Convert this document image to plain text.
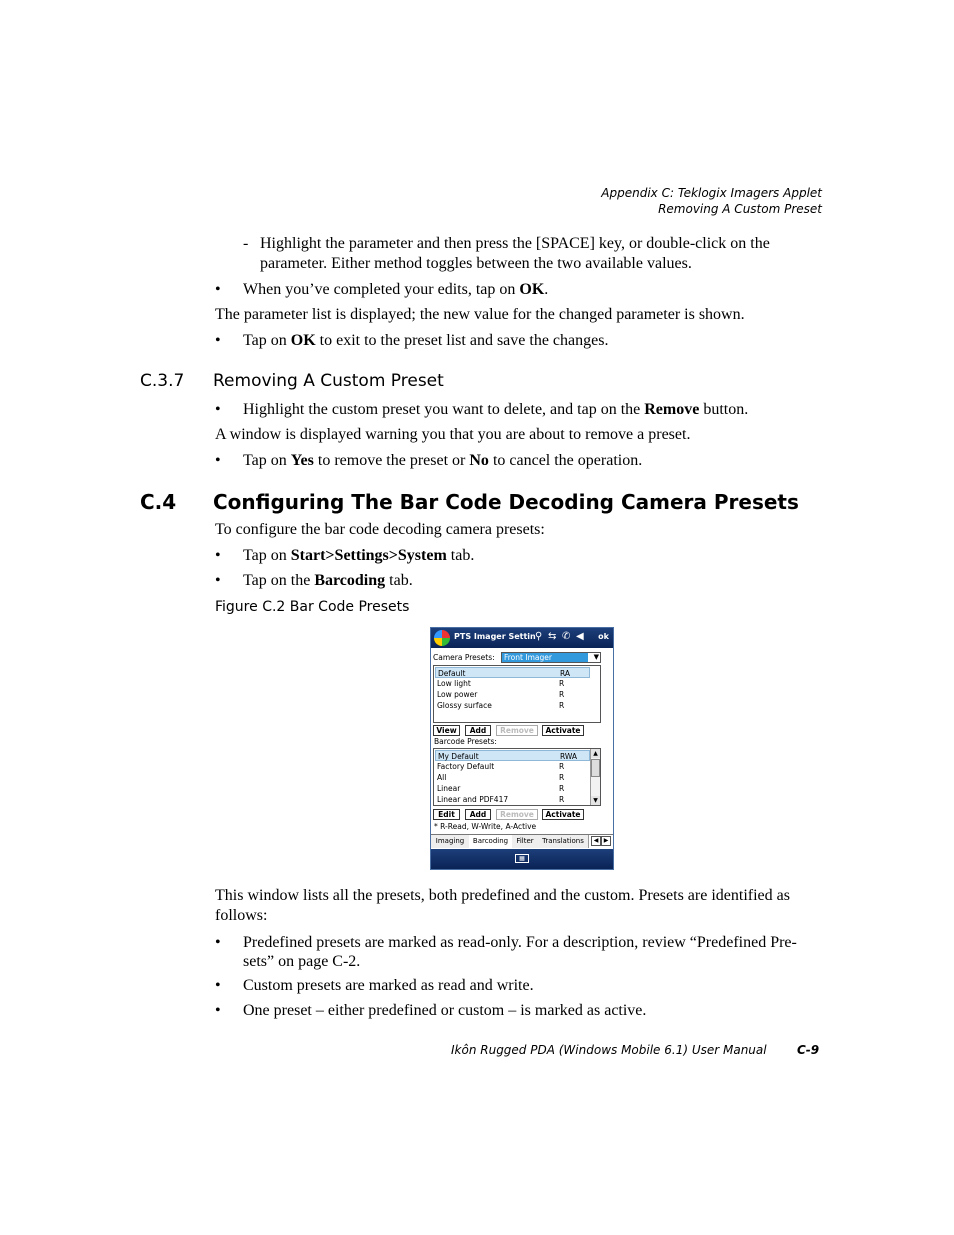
Appendix C: Teklogix Imagers Applet
Removing A Custom Preset
- Highlight the parameter and then press the [SPACE] key, or double-click on the
parameter. Either method toggles between the two available values.
• When you’ve completed your edits, tap on OK.
The parameter list is displayed; the new value for the changed parameter is shown.
• Tap on OK to exit to the preset list and save the changes.
C.3.7 Removing A Custom Preset
• Highlight the custom preset you want to delete, and tap on the Remove button.
A window is displayed warning you that you are about to remove a preset.
• Tap on Yes to remove the preset or No to cancel the operation.
C.4 Configuring The Bar Code Decoding Camera Presets
To configure the bar code decoding camera presets:
• Tap on Start>Settings>System tab.
• Tap on the Barcoding tab.
Figure C.2 Bar Code Presets
PTS Imager Settin ⚲ ⇆ ✆ ◀ ok
Camera Presets: Front Imager	▼
Default	RA
Low light	R
Low power	R
Glossy surface	R
View	Add	Remove	Activate
Barcode Presets:
My Default	RWA
Factory Default	R
All	R
Linear	R
Linear and PDF417	R
▲
▼
Edit	Add	Remove	Activate
* R-Read, W-Write, A-Active
Imaging	Barcoding	Filter	Translations	◀ ▶
▦
This window lists all the presets, both predefined and the custom. Presets are identified as
follows:
• Predefined presets are marked as read-only. For a description, review “Predefined Pre-
sets” on page C-2.
• Custom presets are marked as read and write.
• One preset – either predefined or custom – is marked as active.
Ikôn Rugged PDA (Windows Mobile 6.1) User Manual	C-9
